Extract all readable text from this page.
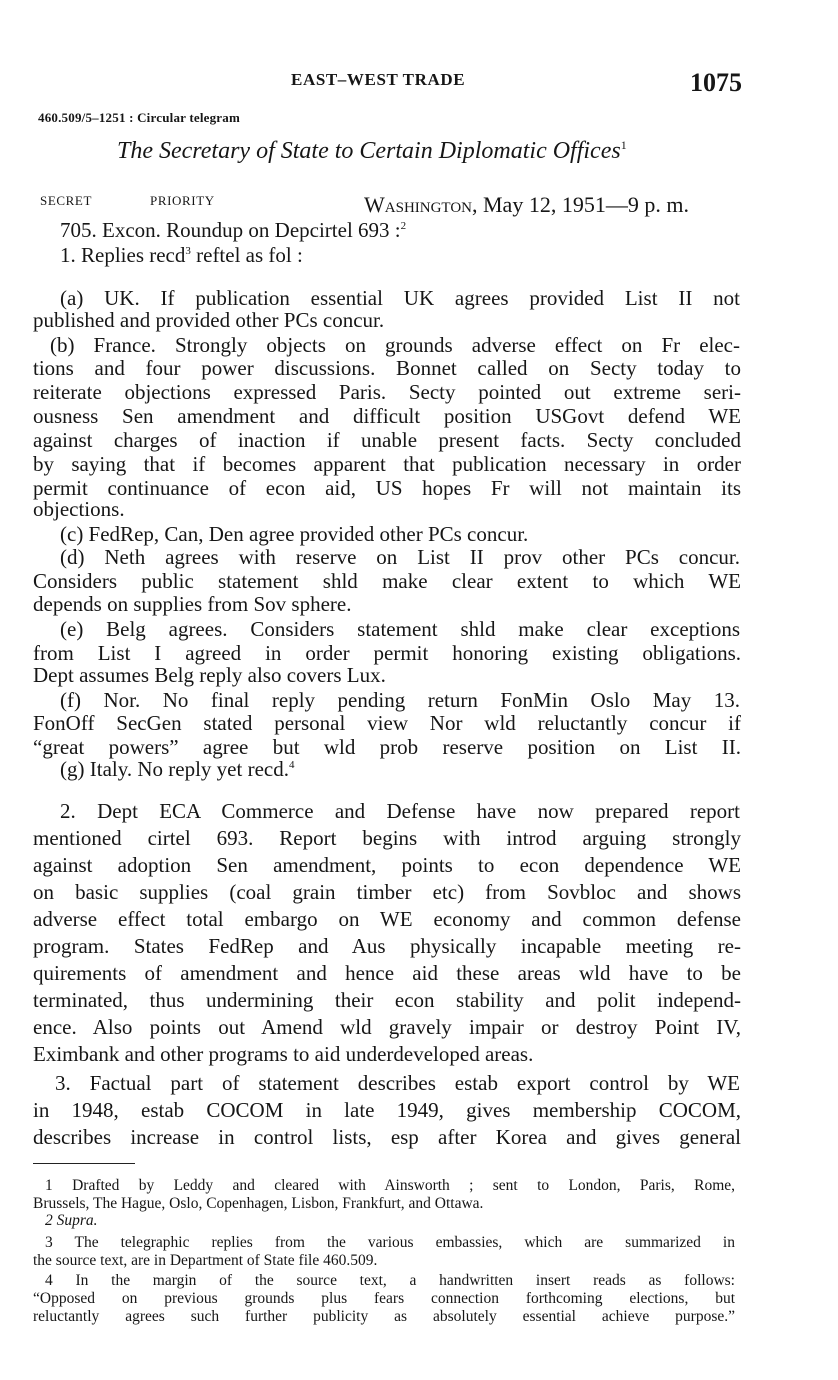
EAST–WEST TRADE	1075
460.509/5–1251 : Circular telegram
The Secretary of State to Certain Diplomatic Offices$^1$
SECRET	PRIORITY	Washington, May 12, 1951—9 p. m.
705. Excon. Roundup on Depcirtel 693 :$^2$
1. Replies recd$^3$ reftel as fol :
(a) UK. If publication essential UK agrees provided List II not
published and provided other PCs concur.
(b) France. Strongly objects on grounds adverse effect on Fr elec-
tions and four power discussions. Bonnet called on Secty today to
reiterate objections expressed Paris. Secty pointed out extreme seri-
ousness Sen amendment and difficult position USGovt defend WE
against charges of inaction if unable present facts. Secty concluded
by saying that if becomes apparent that publication necessary in order
permit continuance of econ aid, US hopes Fr will not maintain its
objections.
(c) FedRep, Can, Den agree provided other PCs concur.
(d) Neth agrees with reserve on List II prov other PCs concur.
Considers public statement shld make clear extent to which WE
depends on supplies from Sov sphere.
(e) Belg agrees. Considers statement shld make clear exceptions
from List I agreed in order permit honoring existing obligations.
Dept assumes Belg reply also covers Lux.
(f) Nor. No final reply pending return FonMin Oslo May 13.
FonOff SecGen stated personal view Nor wld reluctantly concur if
“great powers” agree but wld prob reserve position on List II.
(g) Italy. No reply yet recd.$^4$
2. Dept ECA Commerce and Defense have now prepared report
mentioned cirtel 693. Report begins with introd arguing strongly
against adoption Sen amendment, points to econ dependence WE
on basic supplies (coal grain timber etc) from Sovbloc and shows
adverse effect total embargo on WE economy and common defense
program. States FedRep and Aus physically incapable meeting re-
quirements of amendment and hence aid these areas wld have to be
terminated, thus undermining their econ stability and polit independ-
ence. Also points out Amend wld gravely impair or destroy Point IV,
Eximbank and other programs to aid underdeveloped areas.
3. Factual part of statement describes estab export control by WE
in 1948, estab COCOM in late 1949, gives membership COCOM,
describes increase in control lists, esp after Korea and gives general
1 Drafted by Leddy and cleared with Ainsworth ; sent to London, Paris, Rome,
Brussels, The Hague, Oslo, Copenhagen, Lisbon, Frankfurt, and Ottawa.
2 Supra.
3 The telegraphic replies from the various embassies, which are summarized in
the source text, are in Department of State file 460.509.
4 In the margin of the source text, a handwritten insert reads as follows:
“Opposed on previous grounds plus fears connection forthcoming elections, but
reluctantly agrees such further publicity as absolutely essential achieve purpose.”
